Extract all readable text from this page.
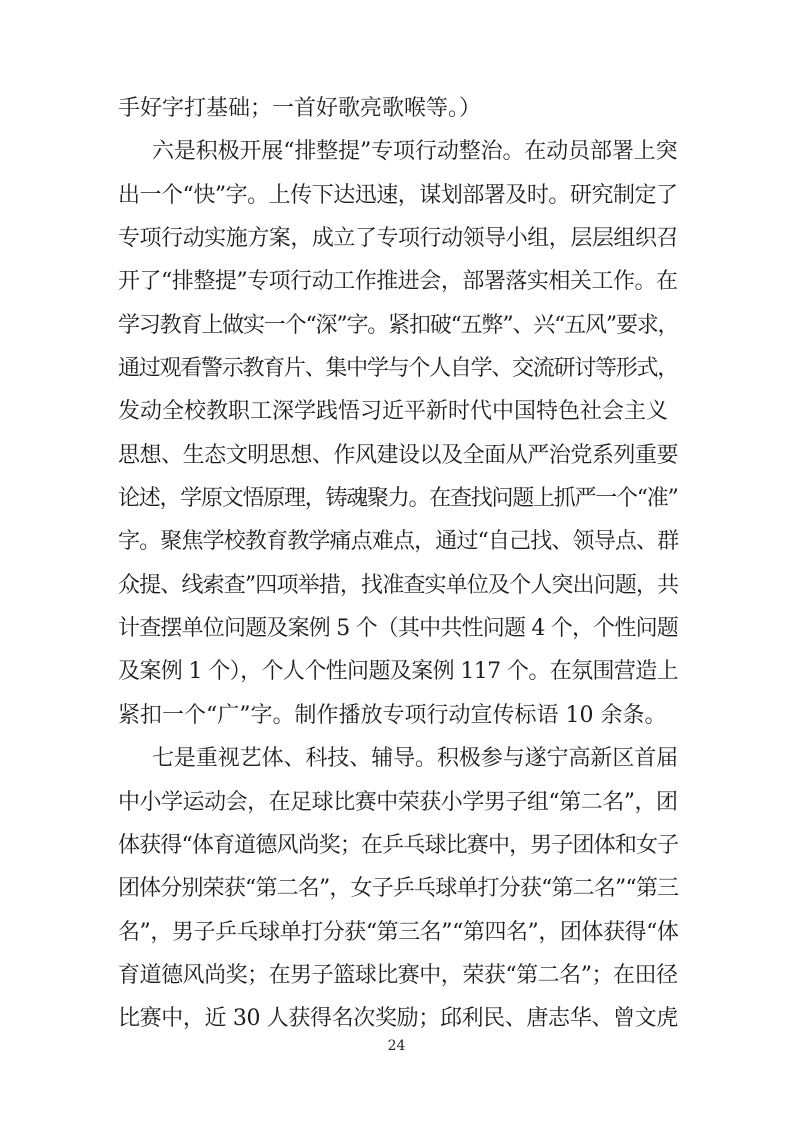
手好字打基础；一首好歌亮歌喉等。）
六是积极开展“排整提”专项行动整治。在动员部署上突
出一个“快”字。上传下达迅速，谋划部署及时。研究制定了
专项行动实施方案，成立了专项行动领导小组，层层组织召
开了“排整提”专项行动工作推进会，部署落实相关工作。在
学习教育上做实一个“深”字。紧扣破“五弊”、兴“五风”要求，
通过观看警示教育片、集中学与个人自学、交流研讨等形式，
发动全校教职工深学践悟习近平新时代中国特色社会主义
思想、生态文明思想、作风建设以及全面从严治党系列重要
论述，学原文悟原理，铸魂聚力。在查找问题上抓严一个“准”
字。聚焦学校教育教学痛点难点，通过“自己找、领导点、群
众提、线索查”四项举措，找准查实单位及个人突出问题，共
计查摆单位问题及案例 5 个（其中共性问题 4 个，个性问题
及案例 1 个），个人个性问题及案例 117 个。在氛围营造上
紧扣一个“广”字。制作播放专项行动宣传标语 10 余条。
七是重视艺体、科技、辅导。积极参与遂宁高新区首届
中小学运动会，在足球比赛中荣获小学男子组“第二名”，团
体获得“体育道德风尚奖；在乒乓球比赛中，男子团体和女子
团体分别荣获“第二名”，女子乒乓球单打分获“第二名”“第三
名”，男子乒乓球单打分获“第三名”“第四名”，团体获得“体
育道德风尚奖；在男子篮球比赛中，荣获“第二名”；在田径
比赛中，近 30 人获得名次奖励；邱利民、唐志华、曾文虎
24
